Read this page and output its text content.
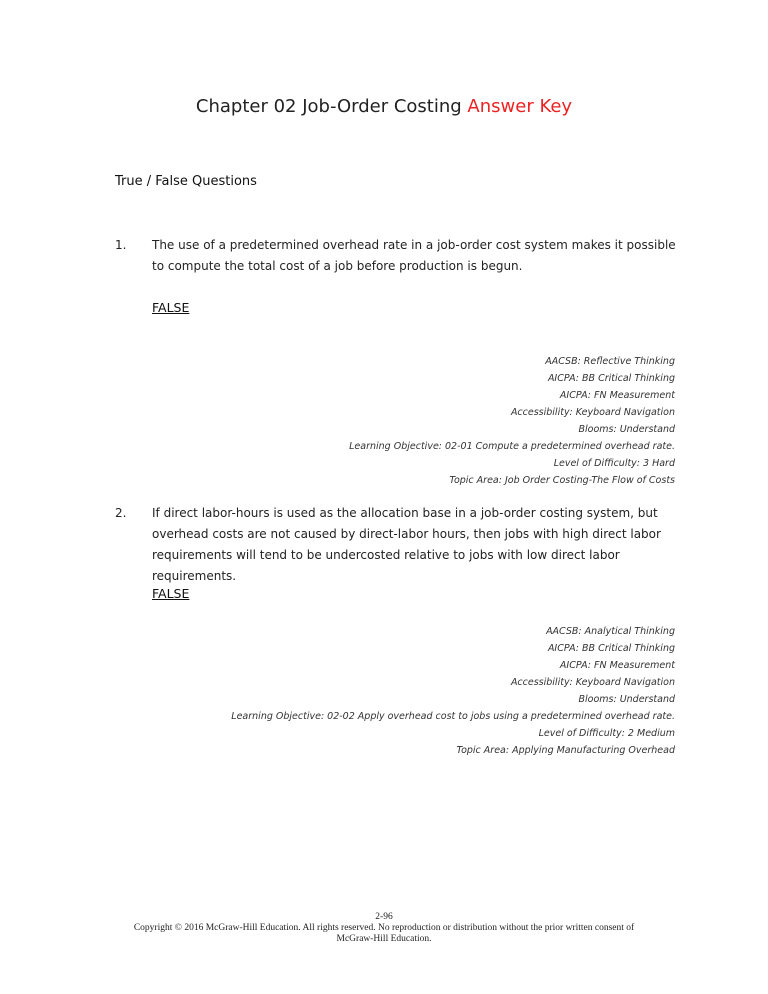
Chapter 02 Job-Order Costing Answer Key
True / False Questions
1. The use of a predetermined overhead rate in a job-order cost system makes it possible to compute the total cost of a job before production is begun.
FALSE
AACSB: Reflective Thinking
AICPA: BB Critical Thinking
AICPA: FN Measurement
Accessibility: Keyboard Navigation
Blooms: Understand
Learning Objective: 02-01 Compute a predetermined overhead rate.
Level of Difficulty: 3 Hard
Topic Area: Job Order Costing-The Flow of Costs
2. If direct labor-hours is used as the allocation base in a job-order costing system, but overhead costs are not caused by direct-labor hours, then jobs with high direct labor requirements will tend to be undercosted relative to jobs with low direct labor requirements.
FALSE
AACSB: Analytical Thinking
AICPA: BB Critical Thinking
AICPA: FN Measurement
Accessibility: Keyboard Navigation
Blooms: Understand
Learning Objective: 02-02 Apply overhead cost to jobs using a predetermined overhead rate.
Level of Difficulty: 2 Medium
Topic Area: Applying Manufacturing Overhead
2-96
Copyright © 2016 McGraw-Hill Education. All rights reserved. No reproduction or distribution without the prior written consent of
McGraw-Hill Education.
